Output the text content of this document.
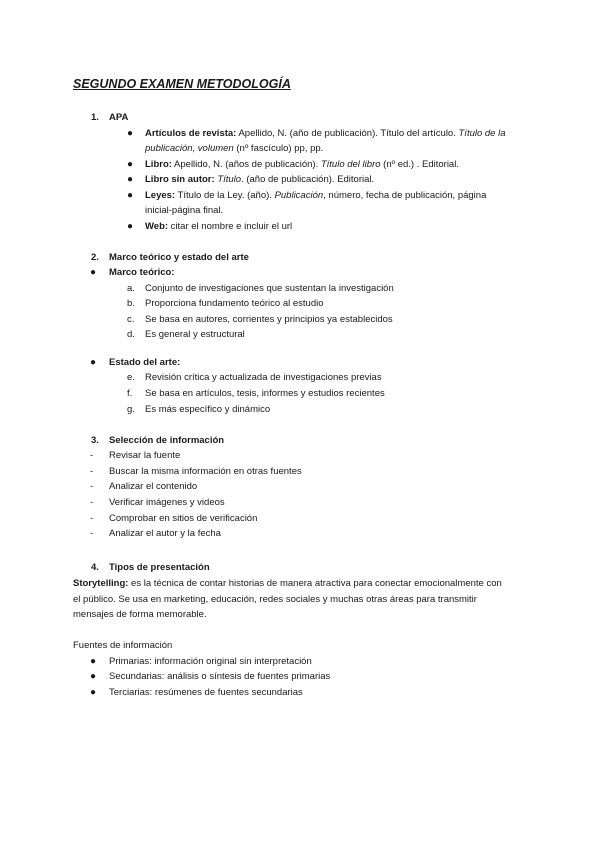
SEGUNDO EXAMEN METODOLOGÍA
1. APA
● Artículos de revista: Apellido, N. (año de publicación). Título del artículo. Título de la
publicación, volumen (nº fascículo) pp, pp.
● Libro: Apellido, N. (años de publicación). Título del libro (nº ed.) . Editorial.
● Libro sin autor: Título. (año de publicación). Editorial.
● Leyes: Título de la Ley. (año). Publicación, número, fecha de publicación, página
inicial-página final.
● Web: citar el nombre e incluir el url
2. Marco teórico y estado del arte
● Marco teórico:
a. Conjunto de investigaciones que sustentan la investigación
b. Proporciona fundamento teórico al estudio
c. Se basa en autores, corrientes y principios ya establecidos
d. Es general y estructural
● Estado del arte:
e. Revisión crítica y actualizada de investigaciones previas
f. Se basa en artículos, tesis, informes y estudios recientes
g. Es más específico y dinámico
3. Selección de información
- Revisar la fuente
- Buscar la misma información en otras fuentes
- Analizar el contenido
- Verificar imágenes y videos
- Comprobar en sitios de verificación
- Analizar el autor y la fecha
4. Tipos de presentación
Storytelling: es la técnica de contar historias de manera atractiva para conectar emocionalmente con
el público. Se usa en marketing, educación, redes sociales y muchas otras áreas para transmitir
mensajes de forma memorable.
Fuentes de información
● Primarias: información original sin interpretación
● Secundarias: análisis o síntesis de fuentes primarias
● Terciarias: resúmenes de fuentes secundarias
